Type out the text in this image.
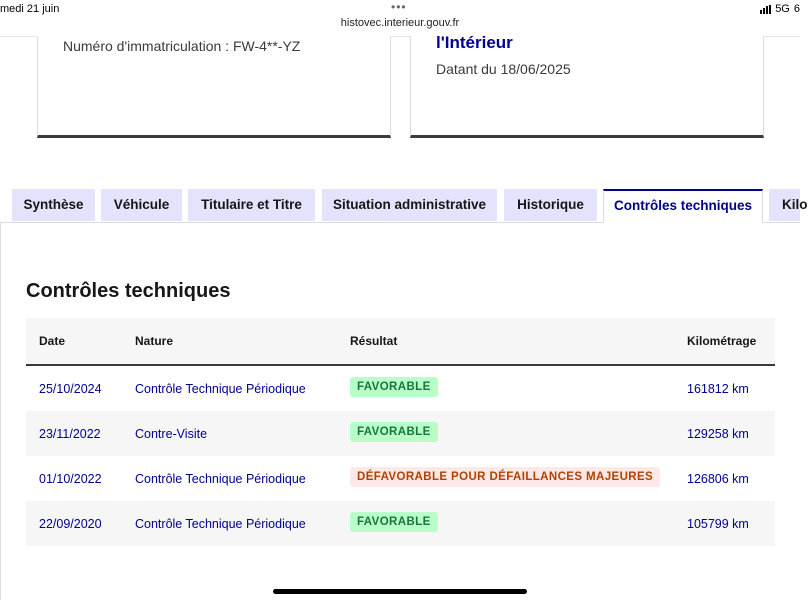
medi 21 juin	•••
histovec.interieur.gouv.fr
5G 6
Numéro d'immatriculation : FW-4**-YZ	l'Intérieur
Datant du 18/06/2025
Synthèse	Véhicule	Titulaire et Titre	Situation administrative	Historique	Contrôles techniques	Kilo
Contrôles techniques
Date	Nature	Résultat	Kilométrage
25/10/2024	Contrôle Technique Périodique	FAVORABLE	161812 km
23/11/2022	Contre-Visite	FAVORABLE	129258 km
01/10/2022	Contrôle Technique Périodique	DÉFAVORABLE POUR DÉFAILLANCES MAJEURES	126806 km
22/09/2020	Contrôle Technique Périodique	FAVORABLE	105799 km
